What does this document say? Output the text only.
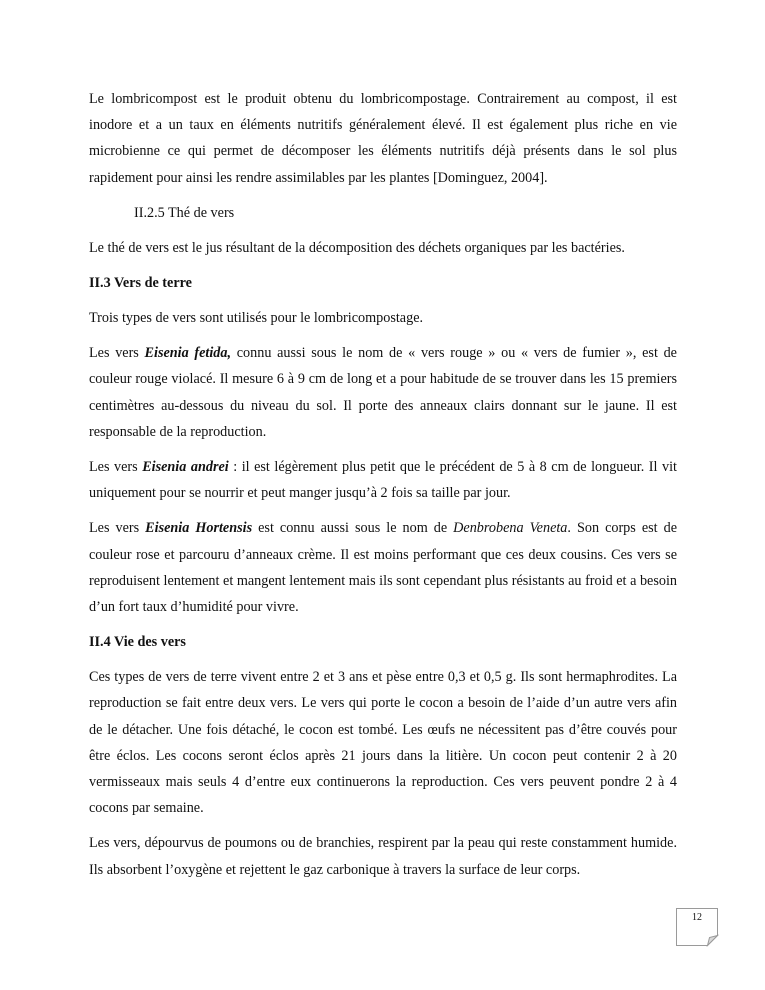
Le lombricompost est le produit obtenu du lombricompostage. Contrairement au compost, il est inodore et a un taux en éléments nutritifs généralement élevé. Il est également plus riche en vie microbienne ce qui permet de décomposer les éléments nutritifs déjà présents dans le sol plus rapidement pour ainsi les rendre assimilables par les plantes [Dominguez, 2004].

II.2.5 Thé de vers

Le thé de vers est le jus résultant de la décomposition des déchets organiques par les bactéries.

II.3 Vers de terre

Trois types de vers sont utilisés pour le lombricompostage.

Les vers Eisenia fetida, connu aussi sous le nom de « vers rouge » ou « vers de fumier », est de couleur rouge violacé. Il mesure 6 à 9 cm de long et a pour habitude de se trouver dans les 15 premiers centimètres au-dessous du niveau du sol. Il porte des anneaux clairs donnant sur le jaune. Il est responsable de la reproduction.

Les vers Eisenia andrei : il est légèrement plus petit que le précédent de 5 à 8 cm de longueur. Il vit uniquement pour se nourrir et peut manger jusqu’à 2 fois sa taille par jour.

Les vers Eisenia Hortensis est connu aussi sous le nom de Denbrobena Veneta. Son corps est de couleur rose et parcouru d’anneaux crème. Il est moins performant que ces deux cousins. Ces vers se reproduisent lentement et mangent lentement mais ils sont cependant plus résistants au froid et a besoin d’un fort taux d’humidité pour vivre.

II.4 Vie des vers

Ces types de vers de terre vivent entre 2 et 3 ans et pèse entre 0,3 et 0,5 g. Ils sont hermaphrodites. La reproduction se fait entre deux vers. Le vers qui porte le cocon a besoin de l’aide d’un autre vers afin de le détacher. Une fois détaché, le cocon est tombé. Les œufs ne nécessitent pas d’être couvés pour être éclos. Les cocons seront éclos après 21 jours dans la litière. Un cocon peut contenir 2 à 20 vermisseaux mais seuls 4 d’entre eux continuerons la reproduction. Ces vers peuvent pondre 2 à 4 cocons par semaine.

Les vers, dépourvus de poumons ou de branchies, respirent par la peau qui reste constamment humide. Ils absorbent l’oxygène et rejettent le gaz carbonique à travers la surface de leur corps.

12
